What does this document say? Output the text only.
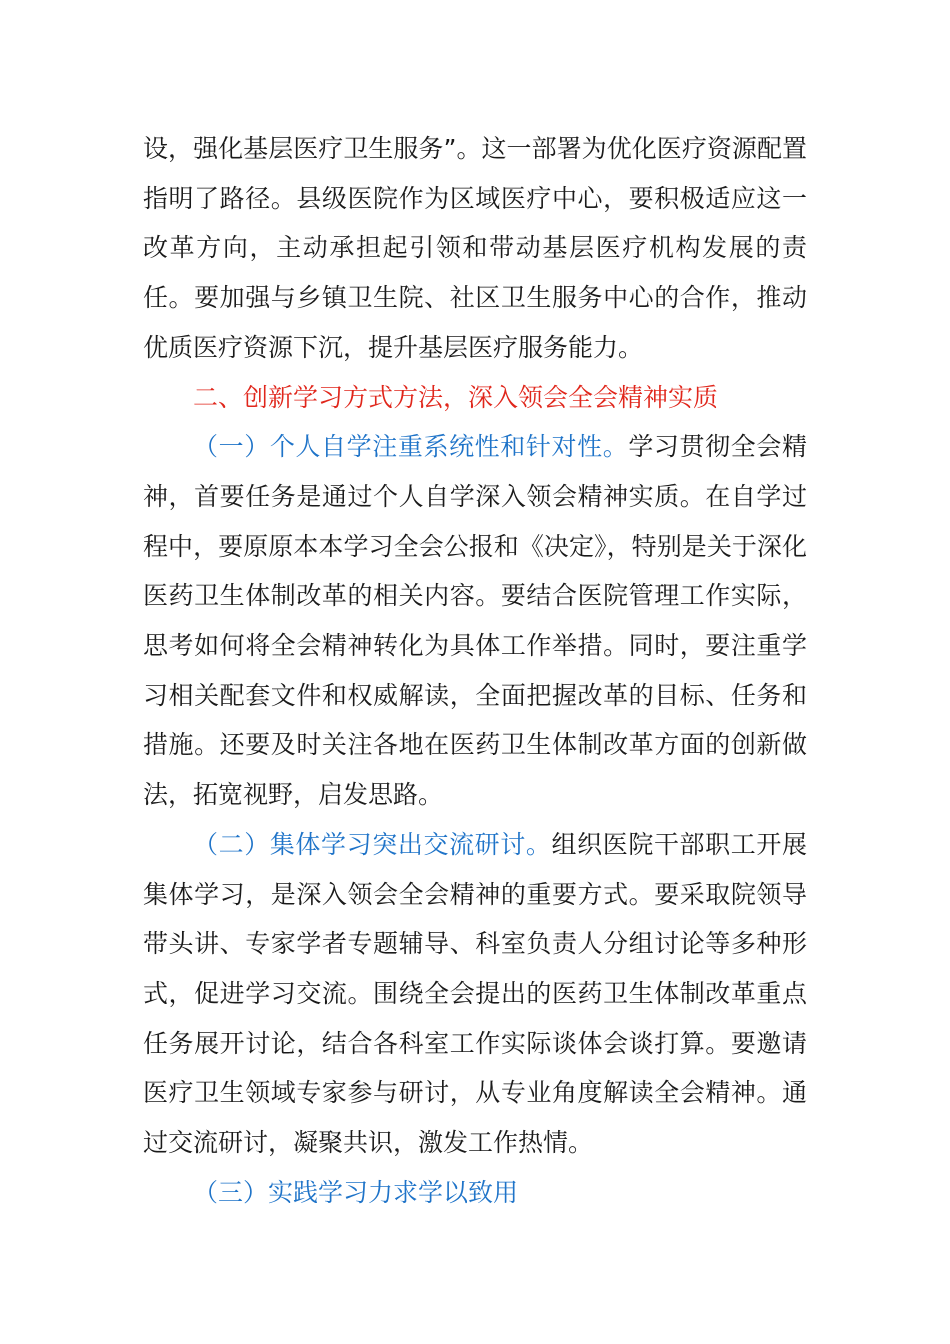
设，强化基层医疗卫生服务”。这一部署为优化医疗资源配置指明了路径。县级医院作为区域医疗中心，要积极适应这一改革方向，主动承担起引领和带动基层医疗机构发展的责任。要加强与乡镇卫生院、社区卫生服务中心的合作，推动优质医疗资源下沉，提升基层医疗服务能力。

二、创新学习方式方法，深入领会全会精神实质

（一）个人自学注重系统性和针对性。学习贯彻全会精神，首要任务是通过个人自学深入领会精神实质。在自学过程中，要原原本本学习全会公报和《决定》，特别是关于深化医药卫生体制改革的相关内容。要结合医院管理工作实际，思考如何将全会精神转化为具体工作举措。同时，要注重学习相关配套文件和权威解读，全面把握改革的目标、任务和措施。还要及时关注各地在医药卫生体制改革方面的创新做法，拓宽视野，启发思路。

（二）集体学习突出交流研讨。组织医院干部职工开展集体学习，是深入领会全会精神的重要方式。要采取院领导带头讲、专家学者专题辅导、科室负责人分组讨论等多种形式，促进学习交流。围绕全会提出的医药卫生体制改革重点任务展开讨论，结合各科室工作实际谈体会谈打算。要邀请医疗卫生领域专家参与研讨，从专业角度解读全会精神。通过交流研讨，凝聚共识，激发工作热情。

（三）实践学习力求学以致用
